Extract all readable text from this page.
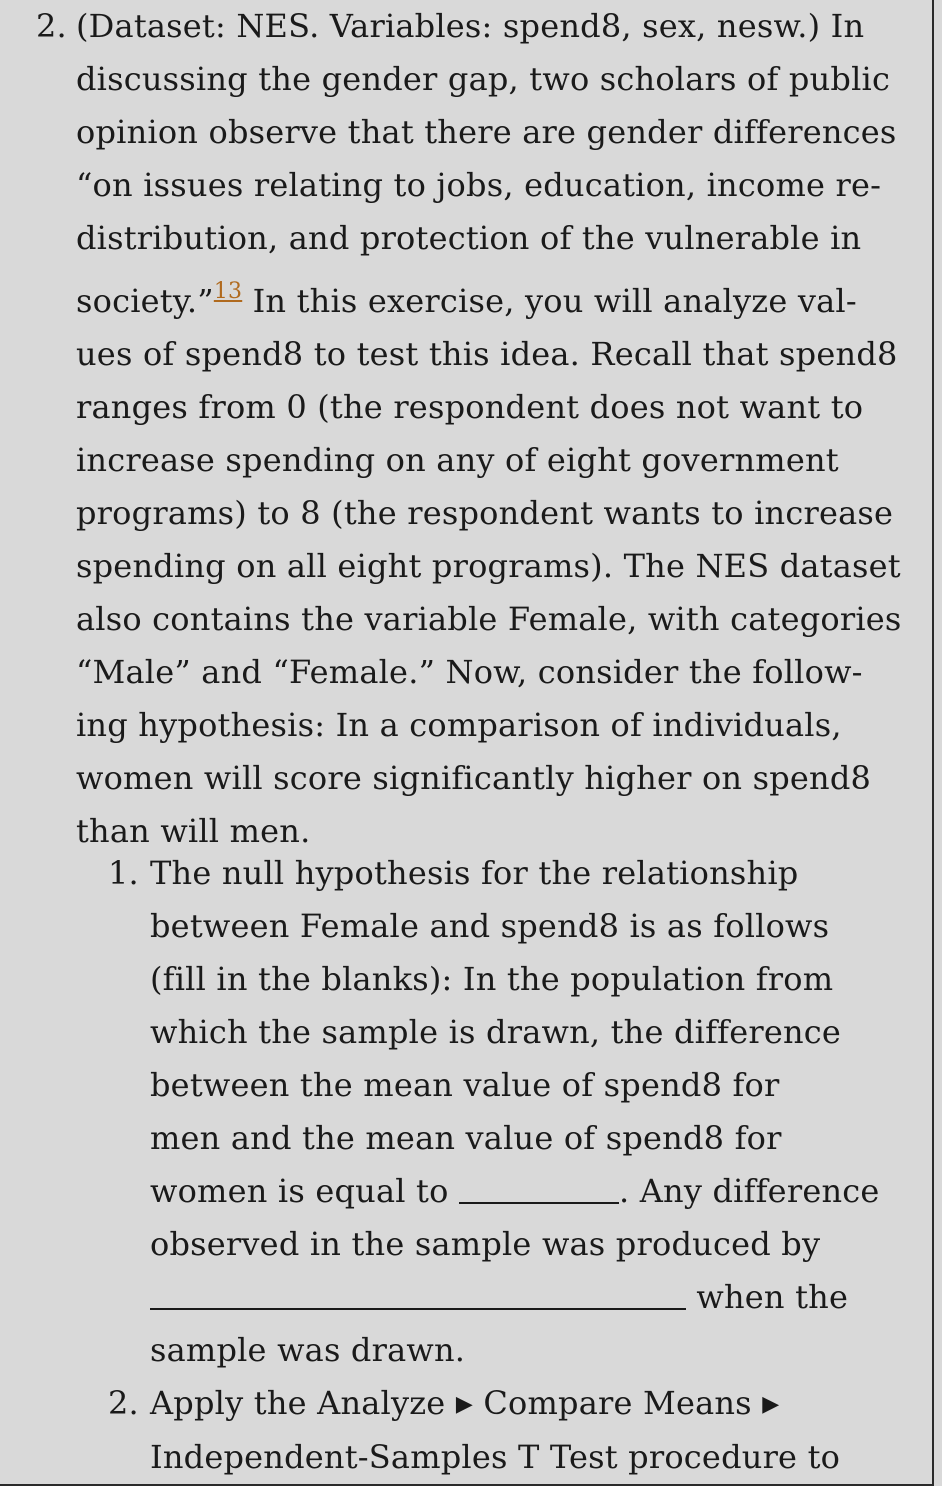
2. (Dataset: NES. Variables: spend8, sex, nesw.) In
discussing the gender gap, two scholars of public
opinion observe that there are gender differences
“on issues relating to jobs, education, income re-
distribution, and protection of the vulnerable in
society.”$^{13}$ In this exercise, you will analyze val-
ues of spend8 to test this idea. Recall that spend8
ranges from 0 (the respondent does not want to
increase spending on any of eight government
programs) to 8 (the respondent wants to increase
spending on all eight programs). The NES dataset
also contains the variable Female, with categories
“Male” and “Female.” Now, consider the follow-
ing hypothesis: In a comparison of individuals,
women will score significantly higher on spend8
than will men.
1. The null hypothesis for the relationship
between Female and spend8 is as follows
(fill in the blanks): In the population from
which the sample is drawn, the difference
between the mean value of spend8 for
men and the mean value of spend8 for
women is equal to	. Any difference
observed in the sample was produced by
when the
sample was drawn.
2. Apply the Analyze ▶ Compare Means ▶
Independent-Samples T Test procedure to
